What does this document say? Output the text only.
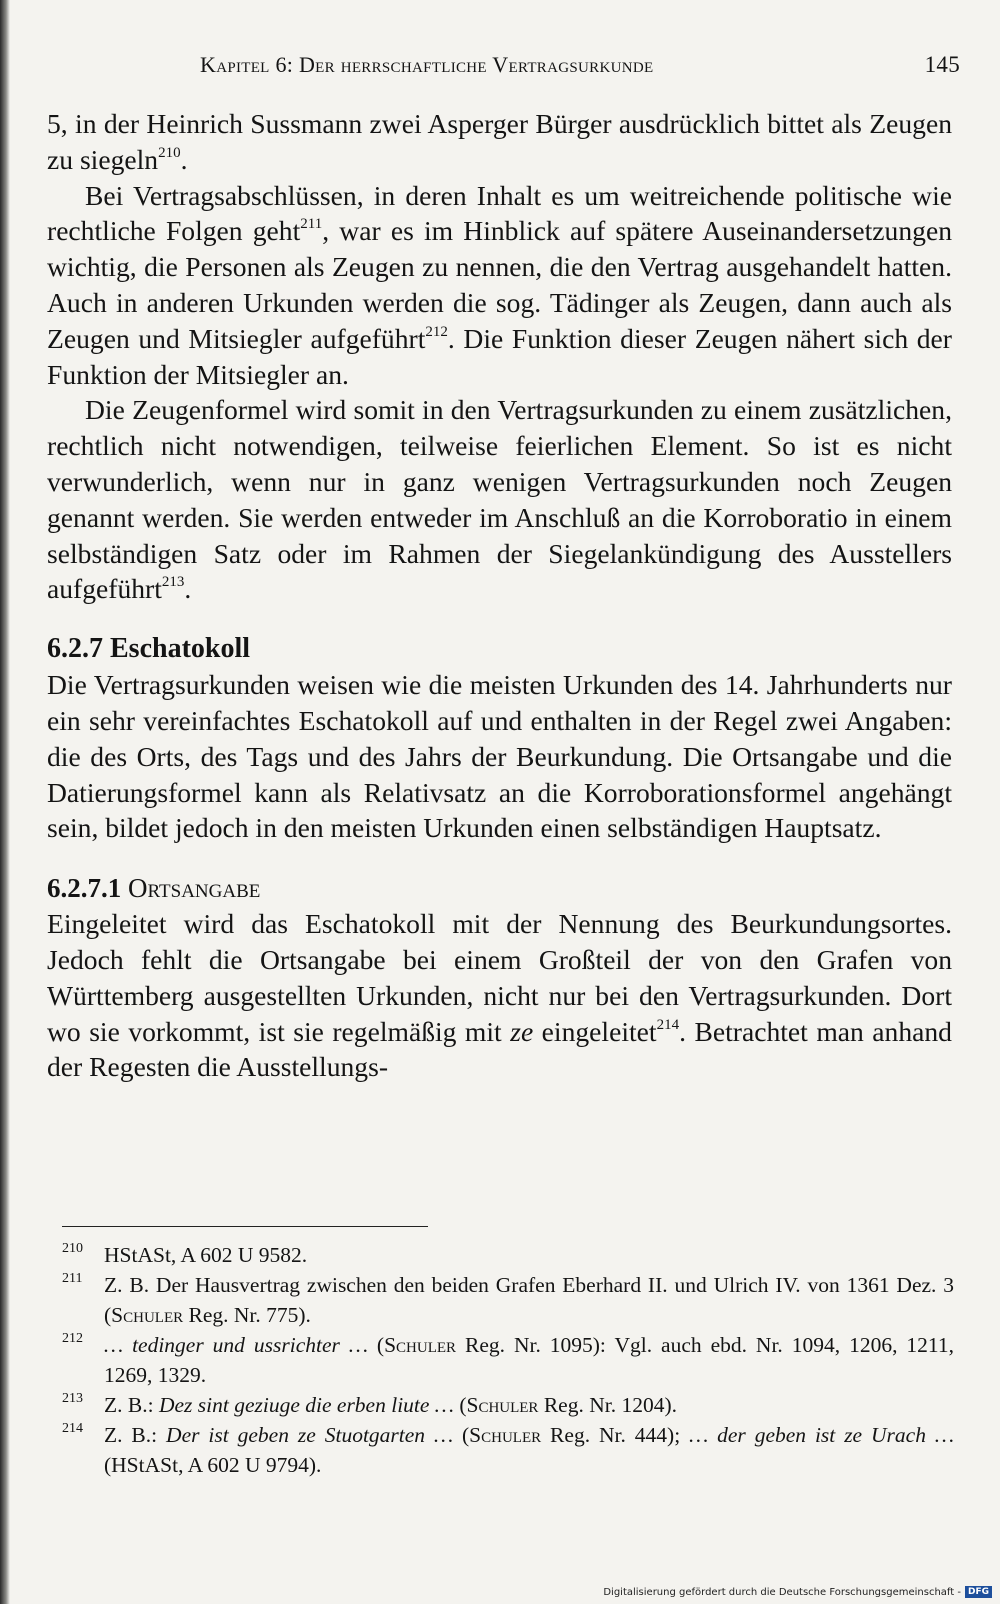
Kapitel 6: Der herrschaftliche Vertragsurkunde	145

5, in der Heinrich Sussmann zwei Asperger Bürger ausdrücklich bittet als Zeugen zu siegeln$^{210}$.

Bei Vertragsabschlüssen, in deren Inhalt es um weitreichende politische wie rechtliche Folgen geht$^{211}$, war es im Hinblick auf spätere Auseinandersetzungen wichtig, die Personen als Zeugen zu nennen, die den Vertrag ausgehandelt hatten. Auch in anderen Urkunden werden die sog. Tädinger als Zeugen, dann auch als Zeugen und Mitsiegler aufgeführt$^{212}$. Die Funktion dieser Zeugen nähert sich der Funktion der Mitsiegler an.

Die Zeugenformel wird somit in den Vertragsurkunden zu einem zusätzlichen, rechtlich nicht notwendigen, teilweise feierlichen Element. So ist es nicht verwunderlich, wenn nur in ganz wenigen Vertragsurkunden noch Zeugen genannt werden. Sie werden entweder im Anschluß an die Korroboratio in einem selbständigen Satz oder im Rahmen der Siegelankündigung des Ausstellers aufgeführt$^{213}$.

6.2.7 Eschatokoll

Die Vertragsurkunden weisen wie die meisten Urkunden des 14. Jahrhunderts nur ein sehr vereinfachtes Eschatokoll auf und enthalten in der Regel zwei Angaben: die des Orts, des Tags und des Jahrs der Beurkundung. Die Ortsangabe und die Datierungsformel kann als Relativsatz an die Korroborationsformel angehängt sein, bildet jedoch in den meisten Urkunden einen selbständigen Hauptsatz.

6.2.7.1 Ortsangabe

Eingeleitet wird das Eschatokoll mit der Nennung des Beurkundungsortes. Jedoch fehlt die Ortsangabe bei einem Großteil der von den Grafen von Württemberg ausgestellten Urkunden, nicht nur bei den Vertragsurkunden. Dort wo sie vorkommt, ist sie regelmäßig mit ze eingeleitet$^{214}$. Betrachtet man anhand der Regesten die Ausstellungs-

210 HStASt, A 602 U 9582.
211 Z. B. Der Hausvertrag zwischen den beiden Grafen Eberhard II. und Ulrich IV. von 1361 Dez. 3 (Schuler Reg. Nr. 775).
212 … tedinger und ussrichter … (Schuler Reg. Nr. 1095): Vgl. auch ebd. Nr. 1094, 1206, 1211, 1269, 1329.
213 Z. B.: Dez sint geziuge die erben liute … (Schuler Reg. Nr. 1204).
214 Z. B.: Der ist geben ze Stuotgarten … (Schuler Reg. Nr. 444); … der geben ist ze Urach … (HStASt, A 602 U 9794).
Digitalisierung gefördert durch die Deutsche Forschungsgemeinschaft - DFG
